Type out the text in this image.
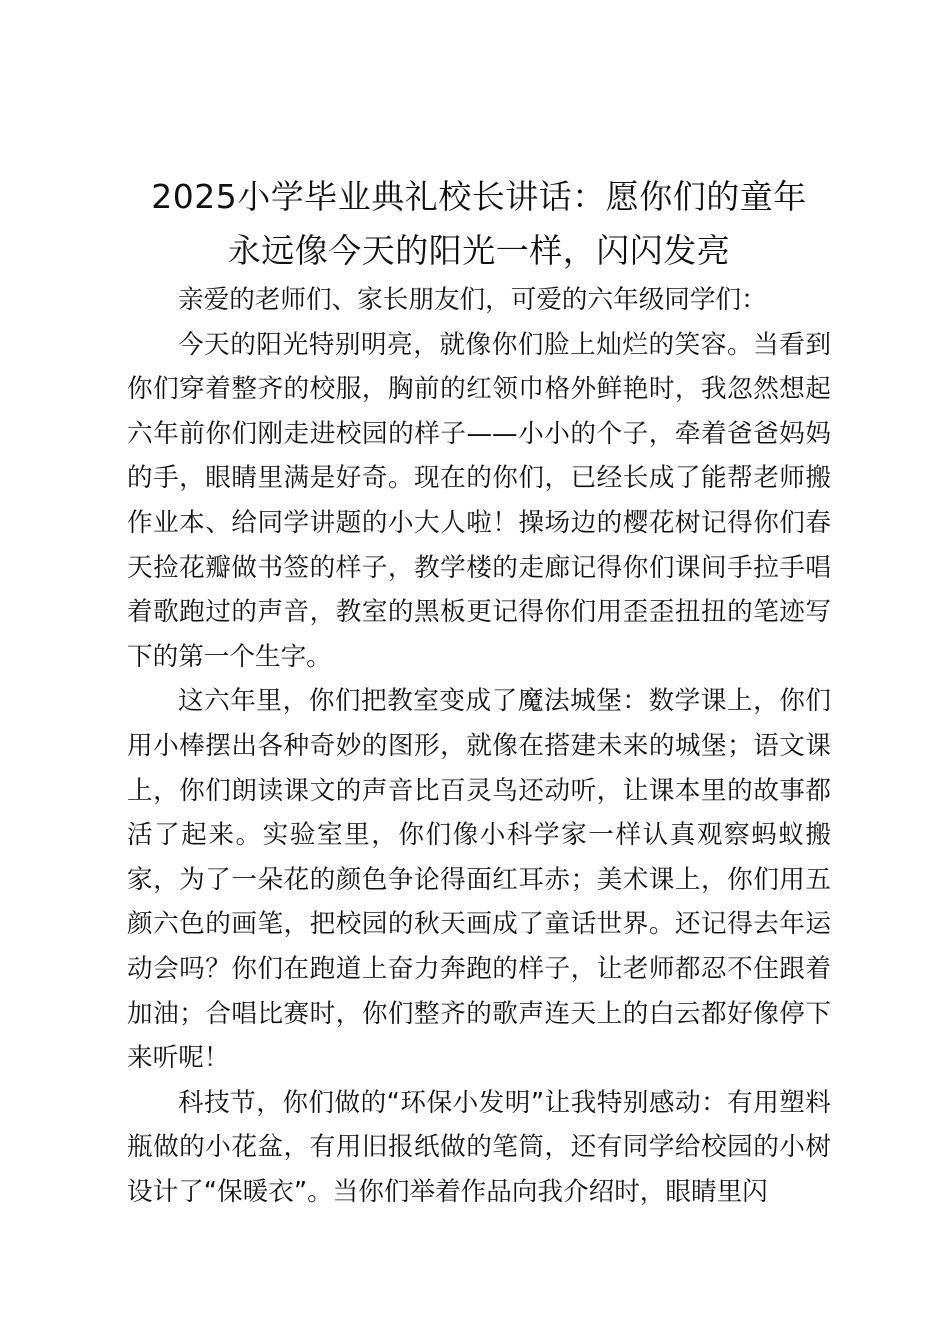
2025小学毕业典礼校长讲话：愿你们的童年
永远像今天的阳光一样，闪闪发亮

亲爱的老师们、家长朋友们，可爱的六年级同学们：

今天的阳光特别明亮，就像你们脸上灿烂的笑容。当看到你们穿着整齐的校服，胸前的红领巾格外鲜艳时，我忽然想起六年前你们刚走进校园的样子——小小的个子，牵着爸爸妈妈的手，眼睛里满是好奇。现在的你们，已经长成了能帮老师搬作业本、给同学讲题的小大人啦！操场边的樱花树记得你们春天捡花瓣做书签的样子，教学楼的走廊记得你们课间手拉手唱着歌跑过的声音，教室的黑板更记得你们用歪歪扭扭的笔迹写下的第一个生字。

这六年里，你们把教室变成了魔法城堡：数学课上，你们用小棒摆出各种奇妙的图形，就像在搭建未来的城堡；语文课上，你们朗读课文的声音比百灵鸟还动听，让课本里的故事都活了起来。实验室里，你们像小科学家一样认真观察蚂蚁搬家，为了一朵花的颜色争论得面红耳赤；美术课上，你们用五颜六色的画笔，把校园的秋天画成了童话世界。还记得去年运动会吗？你们在跑道上奋力奔跑的样子，让老师都忍不住跟着加油；合唱比赛时，你们整齐的歌声连天上的白云都好像停下来听呢！

科技节，你们做的“环保小发明”让我特别感动：有用塑料瓶做的小花盆，有用旧报纸做的笔筒，还有同学给校园的小树设计了“保暖衣”。当你们举着作品向我介绍时，眼睛里闪
